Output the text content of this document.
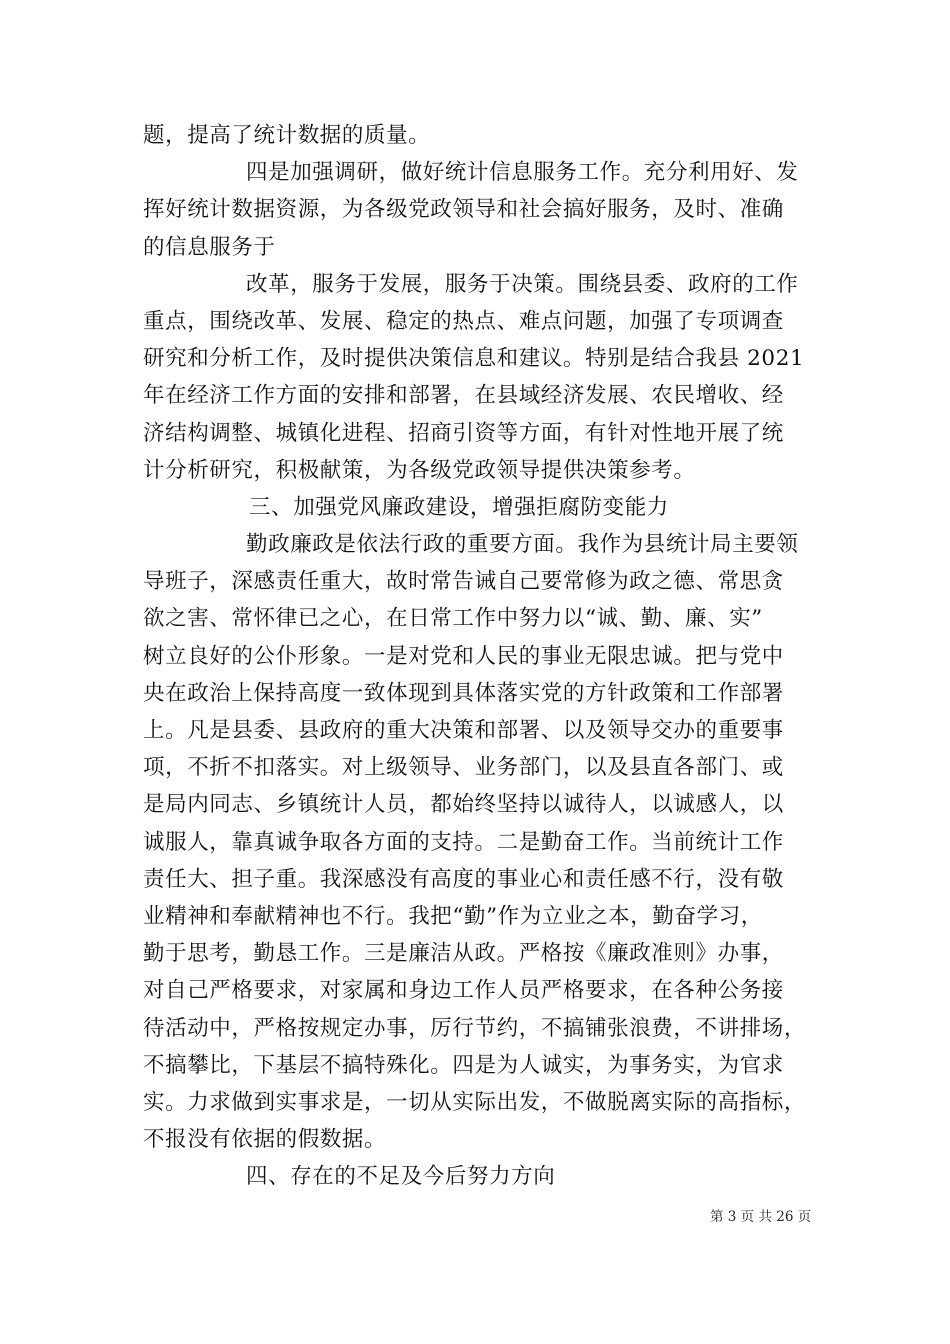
题，提高了统计数据的质量。
四是加强调研，做好统计信息服务工作。充分利用好、发
挥好统计数据资源，为各级党政领导和社会搞好服务，及时、准确
的信息服务于
改革，服务于发展，服务于决策。围绕县委、政府的工作
重点，围绕改革、发展、稳定的热点、难点问题，加强了专项调查
研究和分析工作，及时提供决策信息和建议。特别是结合我县 2021
年在经济工作方面的安排和部署，在县域经济发展、农民增收、经
济结构调整、城镇化进程、招商引资等方面，有针对性地开展了统
计分析研究，积极献策，为各级党政领导提供决策参考。
三、加强党风廉政建设，增强拒腐防变能力
勤政廉政是依法行政的重要方面。我作为县统计局主要领
导班子，深感责任重大，故时常告诫自己要常修为政之德、常思贪
欲之害、常怀律已之心，在日常工作中努力以“诚、勤、廉、实”
树立良好的公仆形象。一是对党和人民的事业无限忠诚。把与党中
央在政治上保持高度一致体现到具体落实党的方针政策和工作部署
上。凡是县委、县政府的重大决策和部署、以及领导交办的重要事
项，不折不扣落实。对上级领导、业务部门，以及县直各部门、或
是局内同志、乡镇统计人员，都始终坚持以诚待人，以诚感人，以
诚服人，靠真诚争取各方面的支持。二是勤奋工作。当前统计工作
责任大、担子重。我深感没有高度的事业心和责任感不行，没有敬
业精神和奉献精神也不行。我把“勤”作为立业之本，勤奋学习，
勤于思考，勤恳工作。三是廉洁从政。严格按《廉政准则》办事，
对自己严格要求，对家属和身边工作人员严格要求，在各种公务接
待活动中，严格按规定办事，厉行节约，不搞铺张浪费，不讲排场，
不搞攀比，下基层不搞特殊化。四是为人诚实，为事务实，为官求
实。力求做到实事求是，一切从实际出发，不做脱离实际的高指标，
不报没有依据的假数据。
四、存在的不足及今后努力方向
第 3 页 共 26 页
